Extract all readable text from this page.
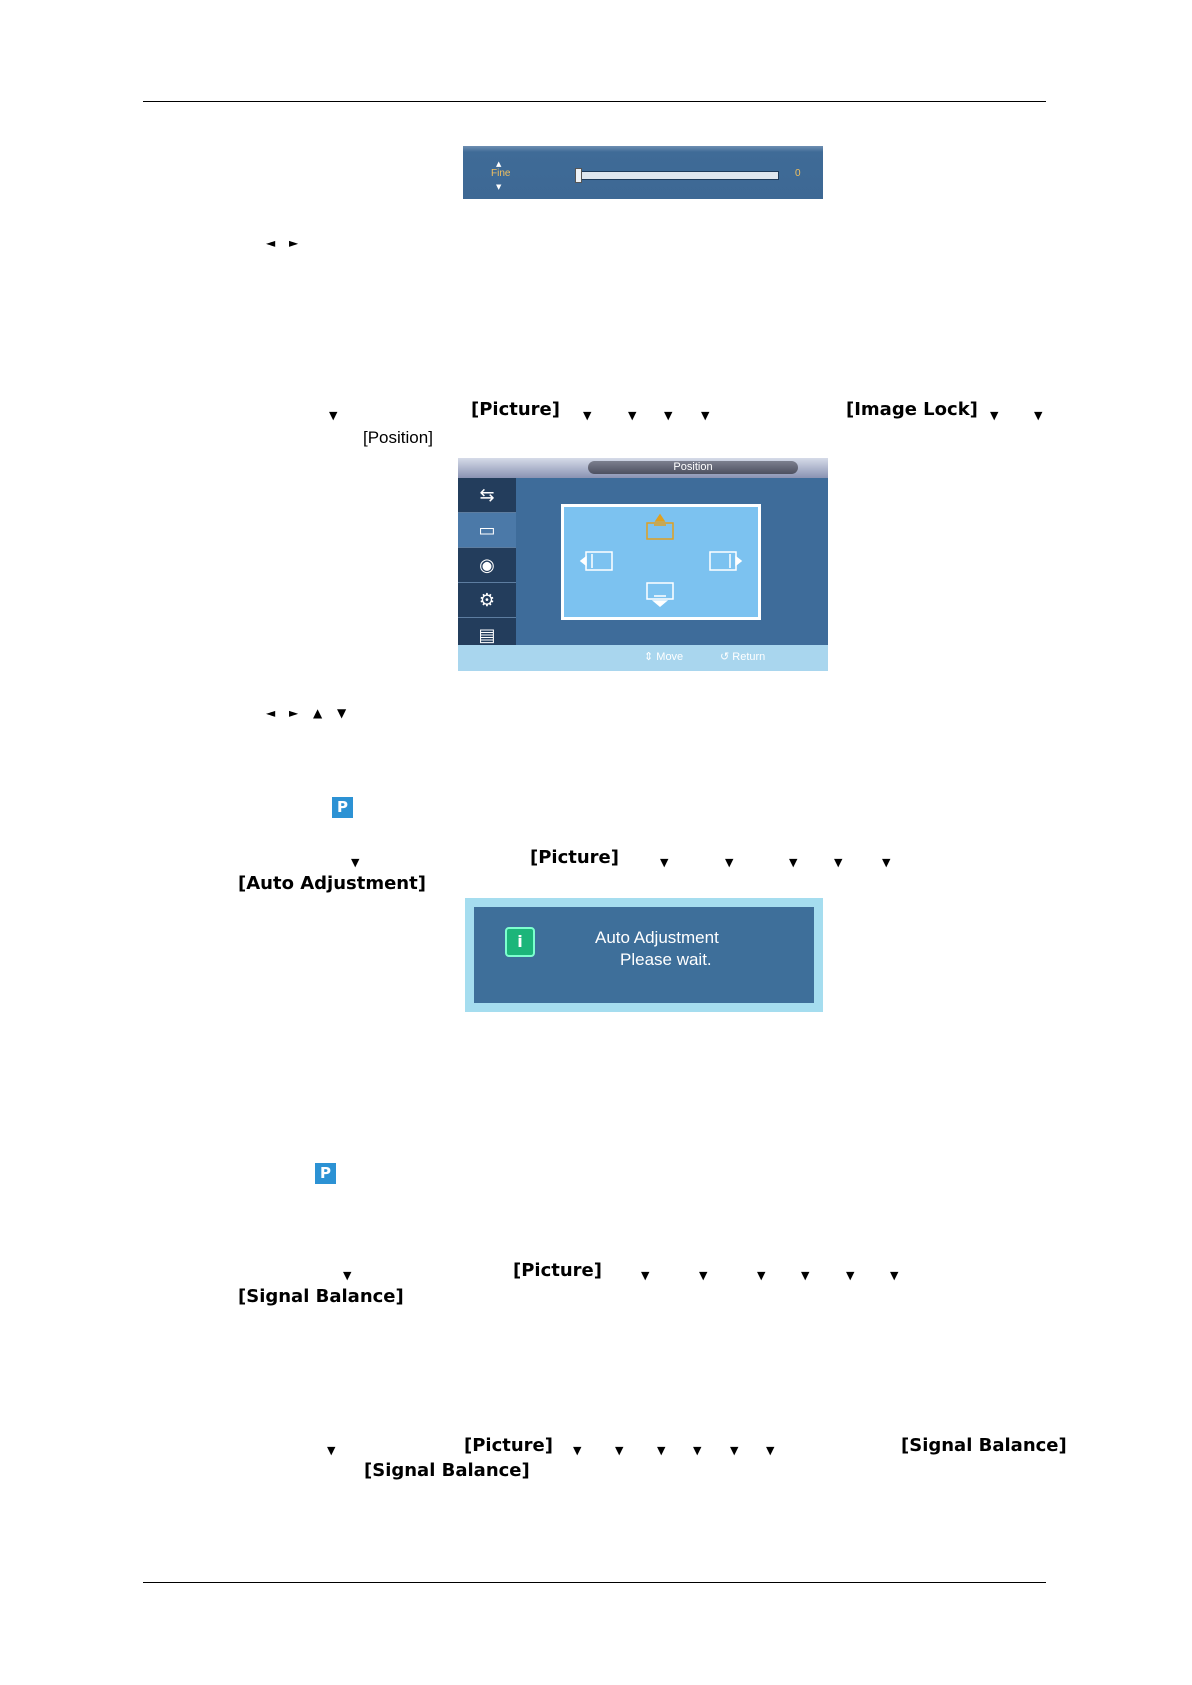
▲
Fine
▼
0
◄ ►
▼	[Picture] ▼	▼	▼	▼	[Image Lock] ▼	▼
[Position]
Position
⇆
▭
◉
⚙
▤
⇕ Move	↺ Return
◄ ► ▲ ▼
P
▼	[Picture]	▼	▼	▼	▼	▼
[Auto Adjustment]
i	Auto Adjustment
Please wait.
P
▼	[Picture]	▼	▼	▼	▼	▼	▼
[Signal Balance]
▼	[Picture] ▼	▼	▼	▼	▼	▼	[Signal Balance]
[Signal Balance]
